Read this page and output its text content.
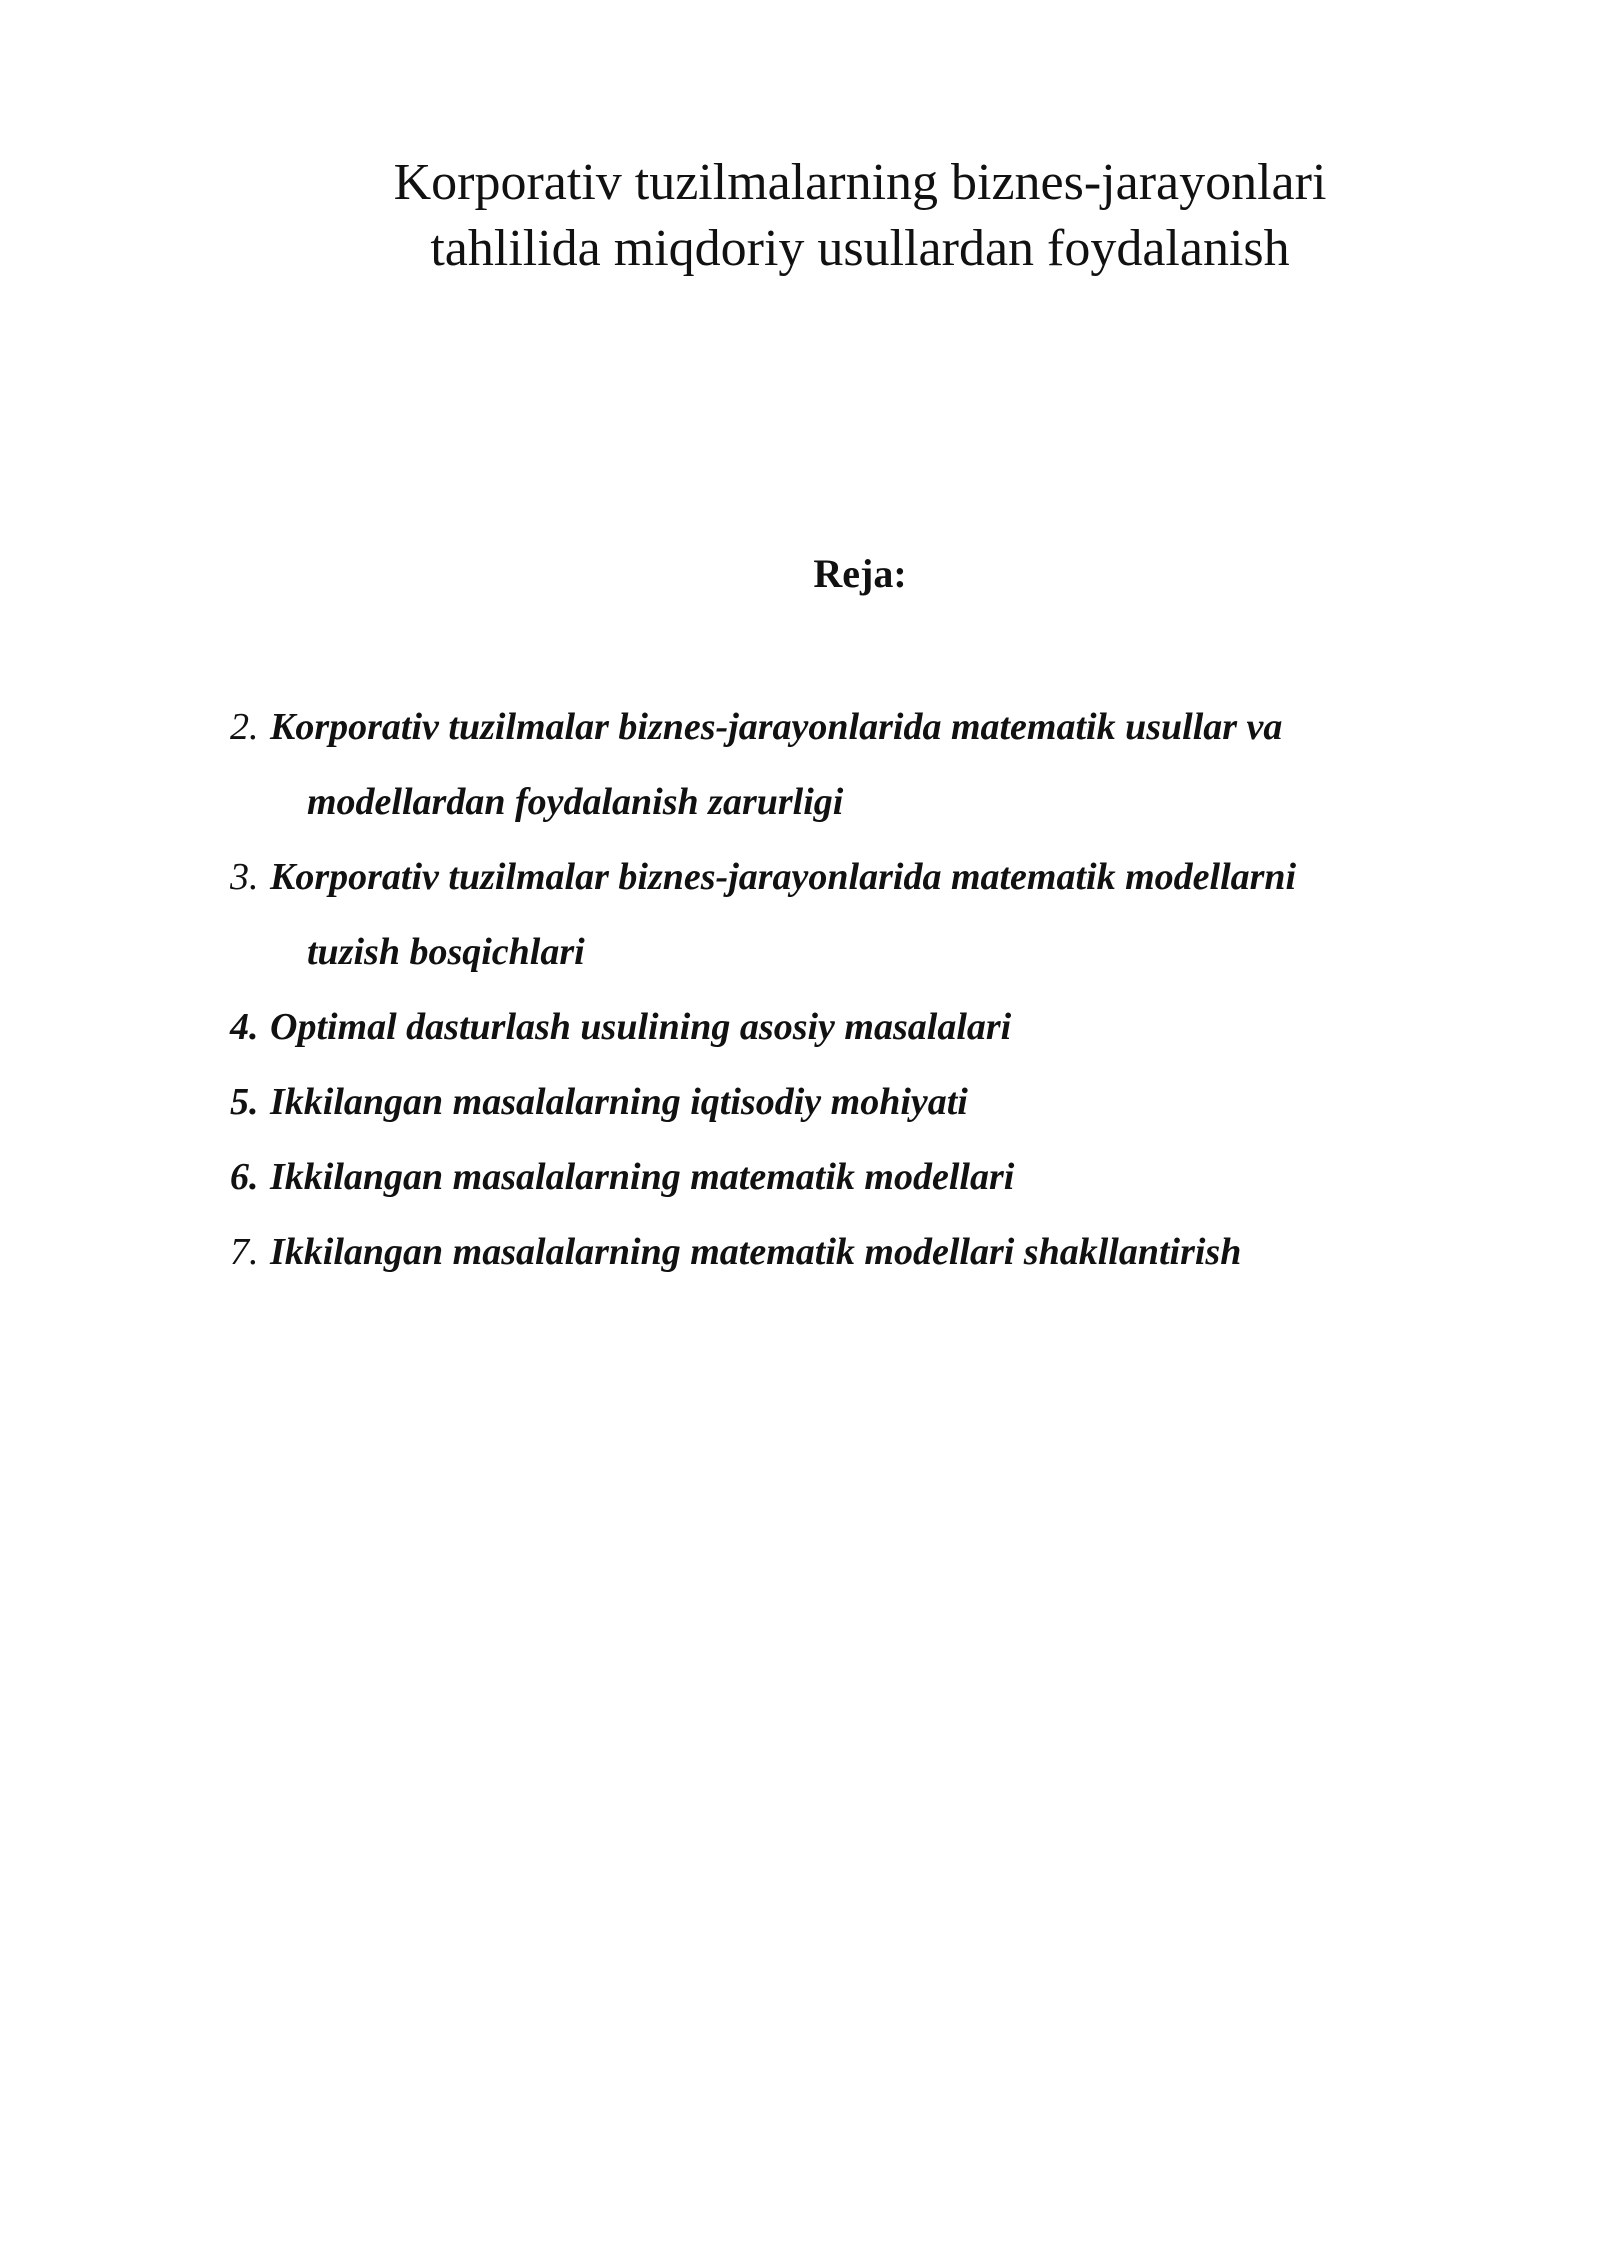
Korporativ tuzilmalarning biznes-jarayonlari
tahlilida miqdoriy usullardan foydalanish
Reja:
2. Korporativ tuzilmalar biznes-jarayonlarida matematik usullar va
modellardan foydalanish zarurligi
3. Korporativ tuzilmalar biznes-jarayonlarida matematik modellarni
tuzish bosqichlari
4. Optimal dasturlash usulining asosiy masalalari
5. Ikkilangan masalalarning iqtisodiy mohiyati
6. Ikkilangan masalalarning matematik modellari
7. Ikkilangan masalalarning matematik modellari shakllantirish
